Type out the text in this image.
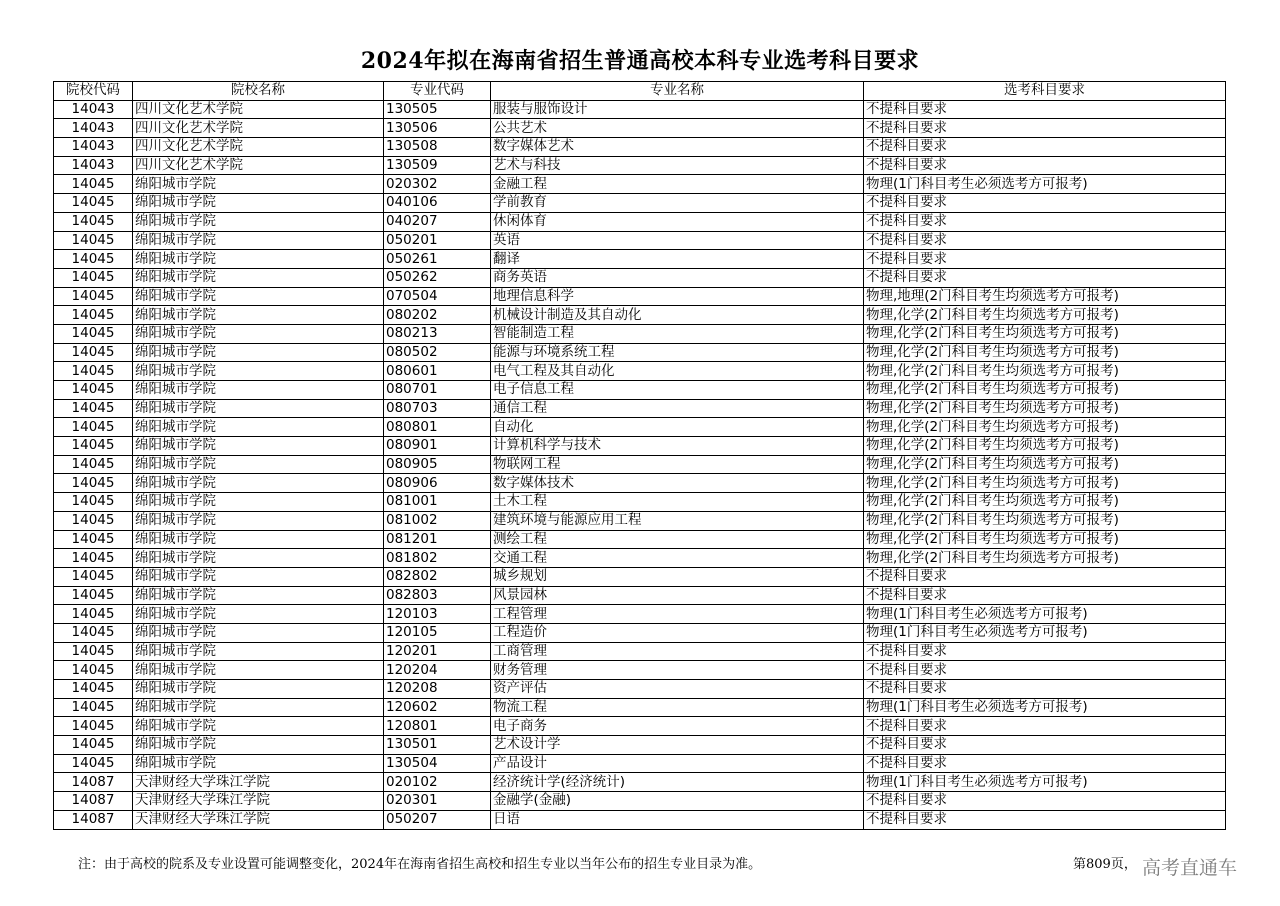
2024年拟在海南省招生普通高校本科专业选考科目要求
院校代码	院校名称	专业代码	专业名称	选考科目要求
14043	四川文化艺术学院	130505	服装与服饰设计	不提科目要求
14043	四川文化艺术学院	130506	公共艺术	不提科目要求
14043	四川文化艺术学院	130508	数字媒体艺术	不提科目要求
14043	四川文化艺术学院	130509	艺术与科技	不提科目要求
14045	绵阳城市学院	020302	金融工程	物理(1门科目考生必须选考方可报考)
14045	绵阳城市学院	040106	学前教育	不提科目要求
14045	绵阳城市学院	040207	休闲体育	不提科目要求
14045	绵阳城市学院	050201	英语	不提科目要求
14045	绵阳城市学院	050261	翻译	不提科目要求
14045	绵阳城市学院	050262	商务英语	不提科目要求
14045	绵阳城市学院	070504	地理信息科学	物理,地理(2门科目考生均须选考方可报考)
14045	绵阳城市学院	080202	机械设计制造及其自动化	物理,化学(2门科目考生均须选考方可报考)
14045	绵阳城市学院	080213	智能制造工程	物理,化学(2门科目考生均须选考方可报考)
14045	绵阳城市学院	080502	能源与环境系统工程	物理,化学(2门科目考生均须选考方可报考)
14045	绵阳城市学院	080601	电气工程及其自动化	物理,化学(2门科目考生均须选考方可报考)
14045	绵阳城市学院	080701	电子信息工程	物理,化学(2门科目考生均须选考方可报考)
14045	绵阳城市学院	080703	通信工程	物理,化学(2门科目考生均须选考方可报考)
14045	绵阳城市学院	080801	自动化	物理,化学(2门科目考生均须选考方可报考)
14045	绵阳城市学院	080901	计算机科学与技术	物理,化学(2门科目考生均须选考方可报考)
14045	绵阳城市学院	080905	物联网工程	物理,化学(2门科目考生均须选考方可报考)
14045	绵阳城市学院	080906	数字媒体技术	物理,化学(2门科目考生均须选考方可报考)
14045	绵阳城市学院	081001	土木工程	物理,化学(2门科目考生均须选考方可报考)
14045	绵阳城市学院	081002	建筑环境与能源应用工程	物理,化学(2门科目考生均须选考方可报考)
14045	绵阳城市学院	081201	测绘工程	物理,化学(2门科目考生均须选考方可报考)
14045	绵阳城市学院	081802	交通工程	物理,化学(2门科目考生均须选考方可报考)
14045	绵阳城市学院	082802	城乡规划	不提科目要求
14045	绵阳城市学院	082803	风景园林	不提科目要求
14045	绵阳城市学院	120103	工程管理	物理(1门科目考生必须选考方可报考)
14045	绵阳城市学院	120105	工程造价	物理(1门科目考生必须选考方可报考)
14045	绵阳城市学院	120201	工商管理	不提科目要求
14045	绵阳城市学院	120204	财务管理	不提科目要求
14045	绵阳城市学院	120208	资产评估	不提科目要求
14045	绵阳城市学院	120602	物流工程	物理(1门科目考生必须选考方可报考)
14045	绵阳城市学院	120801	电子商务	不提科目要求
14045	绵阳城市学院	130501	艺术设计学	不提科目要求
14045	绵阳城市学院	130504	产品设计	不提科目要求
14087	天津财经大学珠江学院	020102	经济统计学(经济统计)	物理(1门科目考生必须选考方可报考)
14087	天津财经大学珠江学院	020301	金融学(金融)	不提科目要求
14087	天津财经大学珠江学院	050207	日语	不提科目要求
注：由于高校的院系及专业设置可能调整变化，2024年在海南省招生高校和招生专业以当年公布的招生专业目录为准。	第809页， 高考直通车
